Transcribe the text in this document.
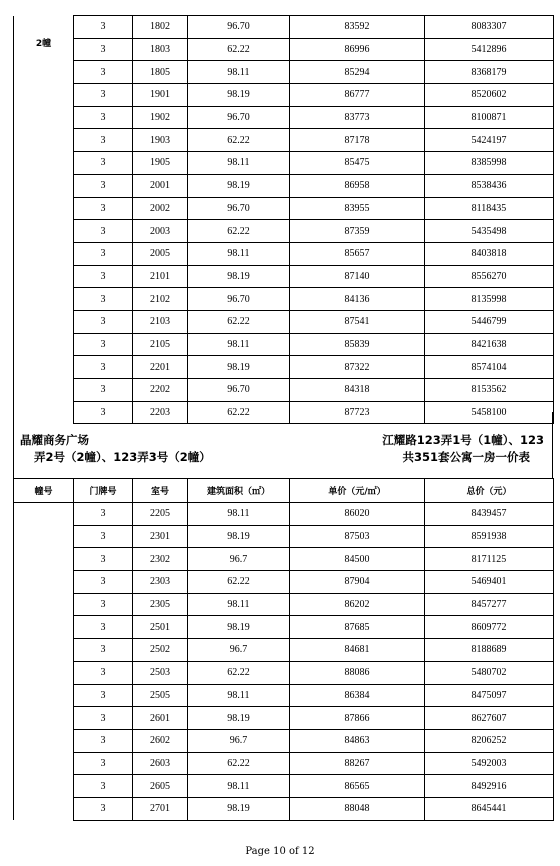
2幢	3	1802	96.70	83592	8083307
	3	1803	62.22	86996	5412896
	3	1805	98.11	85294	8368179
	3	1901	98.19	86777	8520602
	3	1902	96.70	83773	8100871
	3	1903	62.22	87178	5424197
	3	1905	98.11	85475	8385998
	3	2001	98.19	86958	8538436
	3	2002	96.70	83955	8118435
	3	2003	62.22	87359	5435498
	3	2005	98.11	85657	8403818
	3	2101	98.19	87140	8556270
	3	2102	96.70	84136	8135998
	3	2103	62.22	87541	5446799
	3	2105	98.11	85839	8421638
	3	2201	98.19	87322	8574104
	3	2202	96.70	84318	8153562
	3	2203	62.22	87723	5458100
晶耀商务广场
弄2号（2幢）、123弄3号（2幢）
江耀路123弄1号（1幢）、123
共351套公寓一房一价表
幢号	门牌号	室号	建筑面积（㎡）	单价（元/㎡）	总价（元）
	3	2205	98.11	86020	8439457
	3	2301	98.19	87503	8591938
	3	2302	96.7	84500	8171125
	3	2303	62.22	87904	5469401
	3	2305	98.11	86202	8457277
	3	2501	98.19	87685	8609772
	3	2502	96.7	84681	8188689
	3	2503	62.22	88086	5480702
	3	2505	98.11	86384	8475097
	3	2601	98.19	87866	8627607
	3	2602	96.7	84863	8206252
	3	2603	62.22	88267	5492003
	3	2605	98.11	86565	8492916
	3	2701	98.19	88048	8645441
Page 10 of 12
